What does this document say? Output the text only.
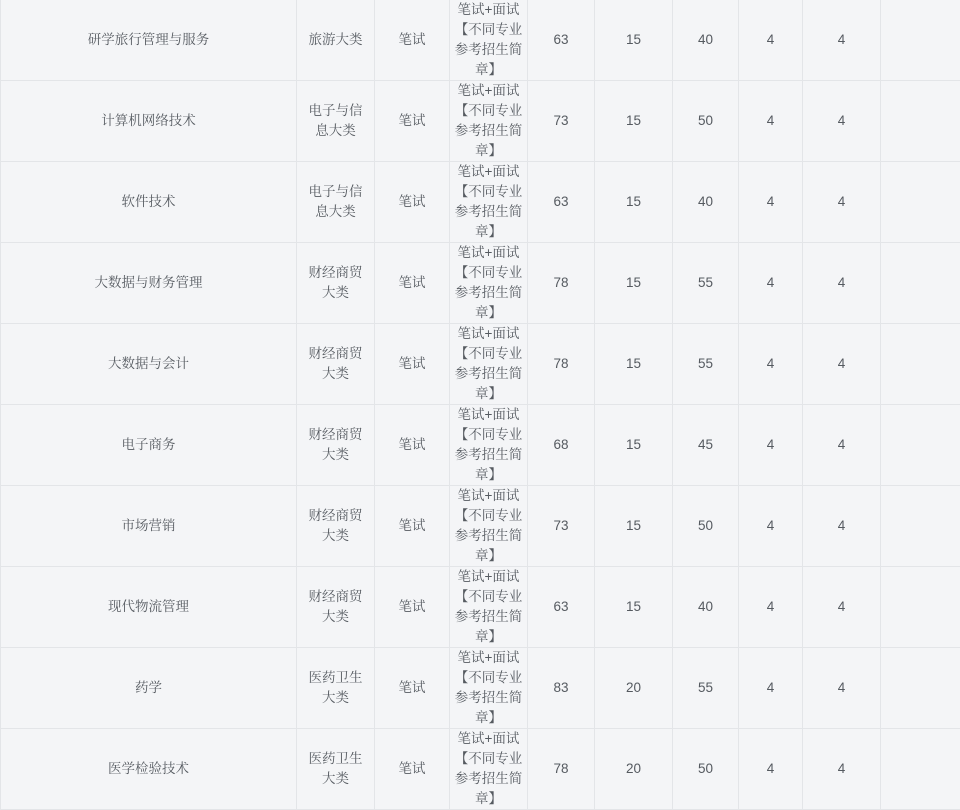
研学旅行管理与服务	旅游大类	笔试	笔试+面试【不同专业参考招生简章】	63	15	40	4	4	
计算机网络技术	电子与信息大类	笔试	笔试+面试【不同专业参考招生简章】	73	15	50	4	4	
软件技术	电子与信息大类	笔试	笔试+面试【不同专业参考招生简章】	63	15	40	4	4	
大数据与财务管理	财经商贸大类	笔试	笔试+面试【不同专业参考招生简章】	78	15	55	4	4	
大数据与会计	财经商贸大类	笔试	笔试+面试【不同专业参考招生简章】	78	15	55	4	4	
电子商务	财经商贸大类	笔试	笔试+面试【不同专业参考招生简章】	68	15	45	4	4	
市场营销	财经商贸大类	笔试	笔试+面试【不同专业参考招生简章】	73	15	50	4	4	
现代物流管理	财经商贸大类	笔试	笔试+面试【不同专业参考招生简章】	63	15	40	4	4	
药学	医药卫生大类	笔试	笔试+面试【不同专业参考招生简章】	83	20	55	4	4	
医学检验技术	医药卫生大类	笔试	笔试+面试【不同专业参考招生简章】	78	20	50	4	4	
